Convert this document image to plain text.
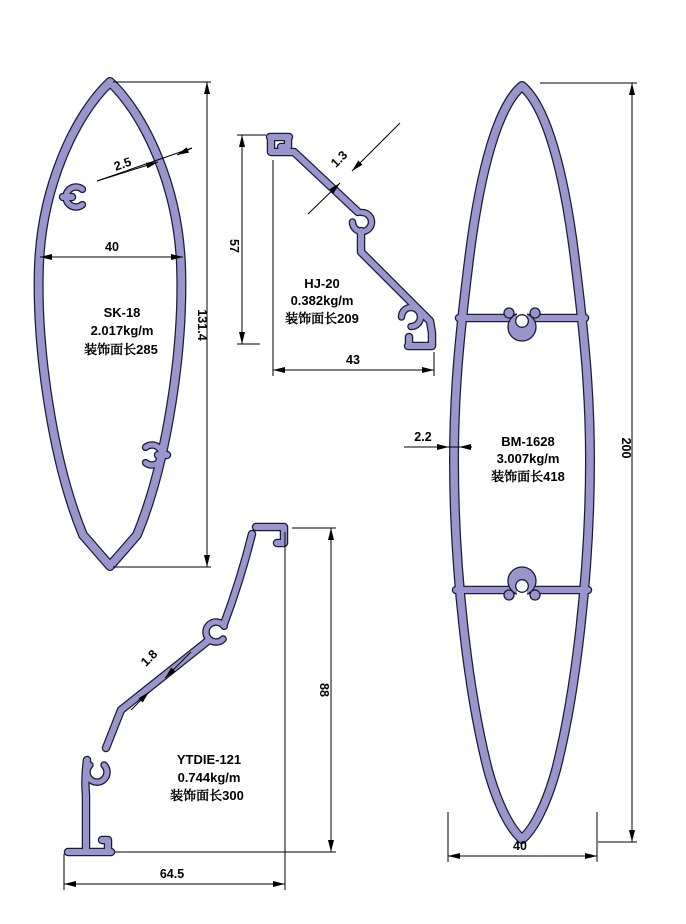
40
131.4
2.5
57
43
1.3
200
40
2.2
88
64.5
1.8
SK-18
2.017kg/m
装饰面长285
HJ-20
0.382kg/m
装饰面长209
BM-1628
3.007kg/m
装饰面长418
YTDIE-121
0.744kg/m
装饰面长300
